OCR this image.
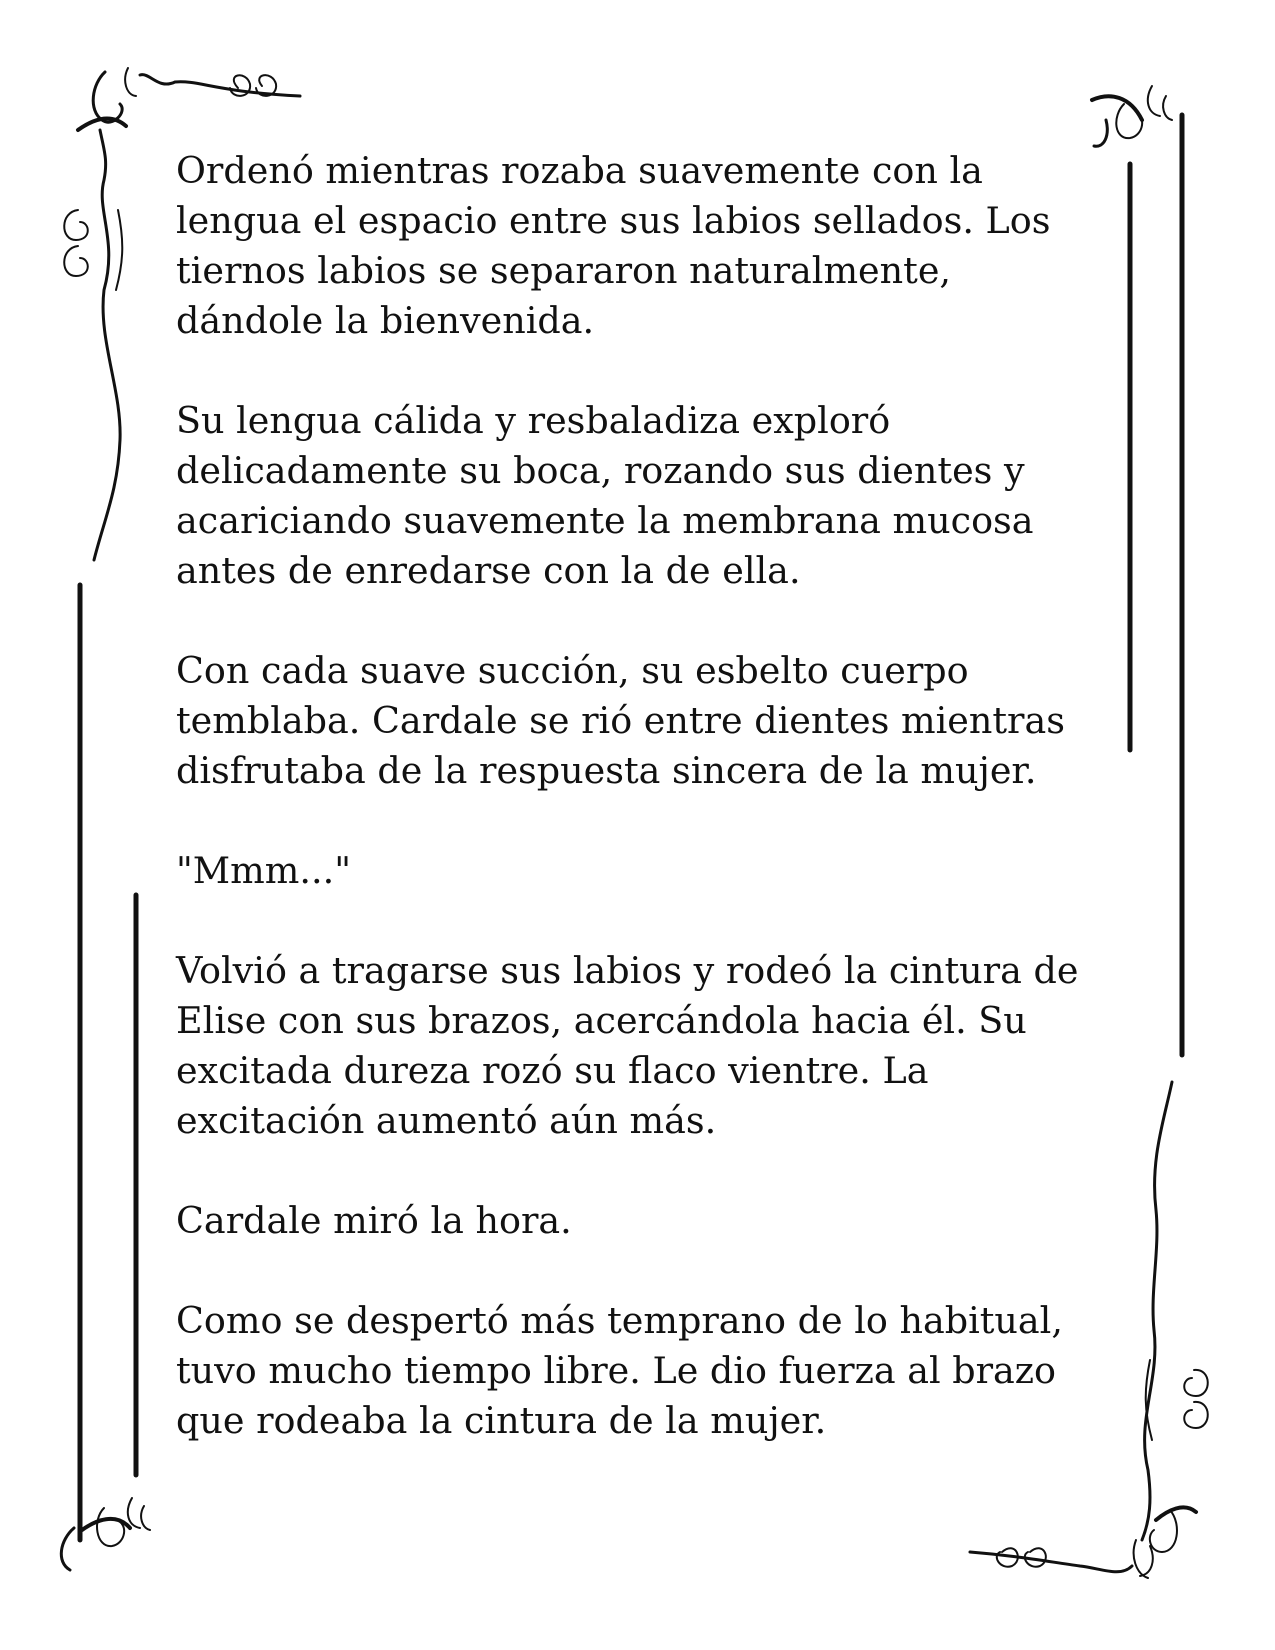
Ordenó mientras rozaba suavemente con la lengua el espacio entre sus labios sellados. Los tiernos labios se separaron naturalmente, dándole la bienvenida.

Su lengua cálida y resbaladiza exploró delicadamente su boca, rozando sus dientes y acariciando suavemente la membrana mucosa antes de enredarse con la de ella.

Con cada suave succión, su esbelto cuerpo temblaba. Cardale se rió entre dientes mientras disfrutaba de la respuesta sincera de la mujer.

"Mmm..."

Volvió a tragarse sus labios y rodeó la cintura de Elise con sus brazos, acercándola hacia él. Su excitada dureza rozó su flaco vientre. La excitación aumentó aún más.

Cardale miró la hora.

Como se despertó más temprano de lo habitual, tuvo mucho tiempo libre. Le dio fuerza al brazo que rodeaba la cintura de la mujer.
